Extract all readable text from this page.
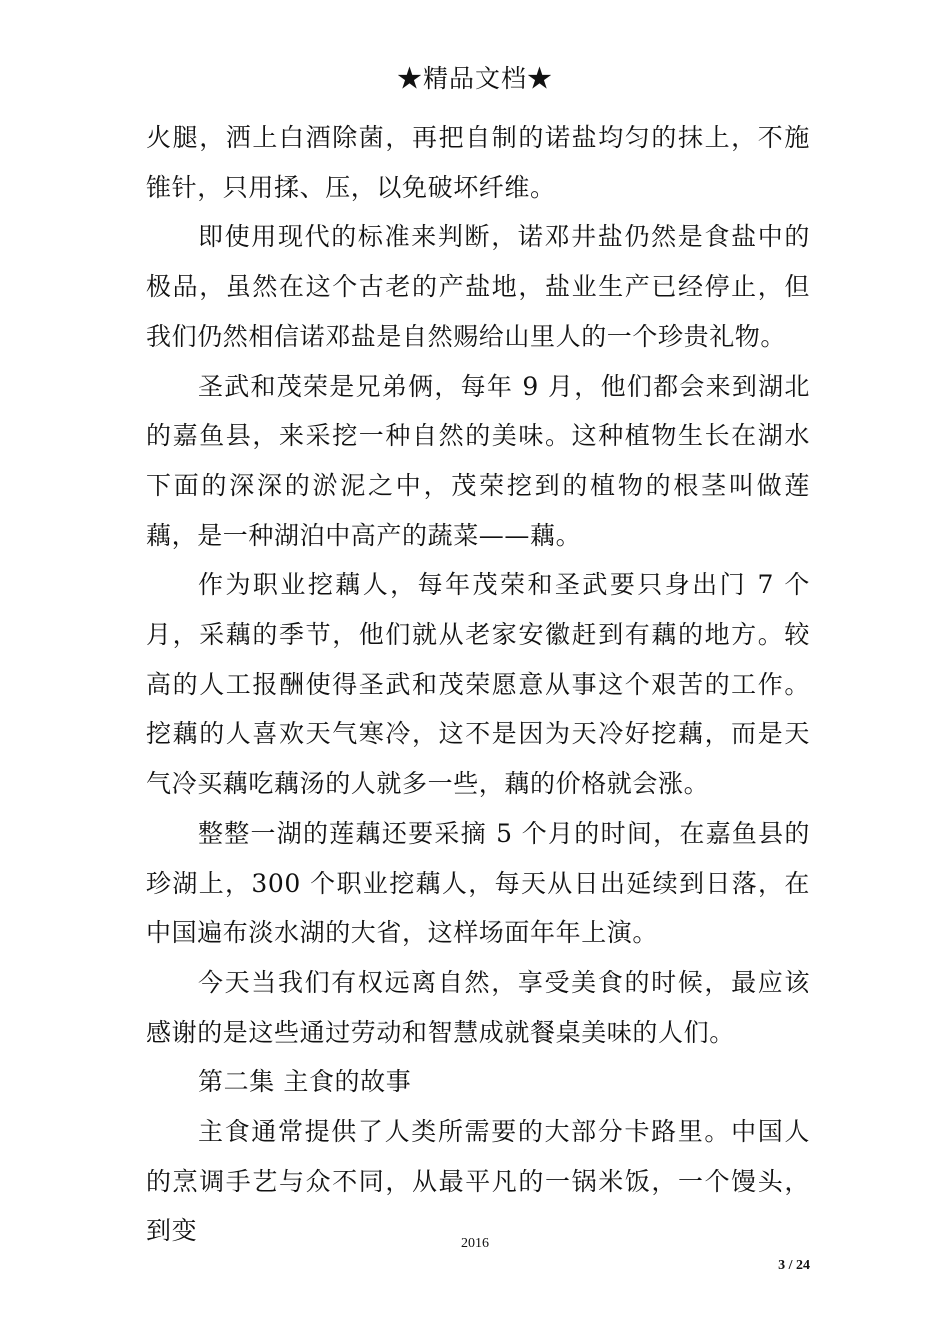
★精品文档★

火腿，洒上白酒除菌，再把自制的诺盐均匀的抹上，不施锥针，只用揉、压，以免破坏纤维。

即使用现代的标准来判断，诺邓井盐仍然是食盐中的极品，虽然在这个古老的产盐地，盐业生产已经停止，但我们仍然相信诺邓盐是自然赐给山里人的一个珍贵礼物。

圣武和茂荣是兄弟俩，每年 9 月，他们都会来到湖北的嘉鱼县，来采挖一种自然的美味。这种植物生长在湖水下面的深深的淤泥之中，茂荣挖到的植物的根茎叫做莲藕，是一种湖泊中高产的蔬菜——藕。

作为职业挖藕人，每年茂荣和圣武要只身出门 7 个月，采藕的季节，他们就从老家安徽赶到有藕的地方。较高的人工报酬使得圣武和茂荣愿意从事这个艰苦的工作。挖藕的人喜欢天气寒冷，这不是因为天冷好挖藕，而是天气冷买藕吃藕汤的人就多一些，藕的价格就会涨。

整整一湖的莲藕还要采摘 5 个月的时间，在嘉鱼县的珍湖上，300 个职业挖藕人，每天从日出延续到日落，在中国遍布淡水湖的大省，这样场面年年上演。

今天当我们有权远离自然，享受美食的时候，最应该感谢的是这些通过劳动和智慧成就餐桌美味的人们。

第二集 主食的故事

主食通常提供了人类所需要的大部分卡路里。中国人的烹调手艺与众不同，从最平凡的一锅米饭，一个馒头，到变	2016
3 / 24
